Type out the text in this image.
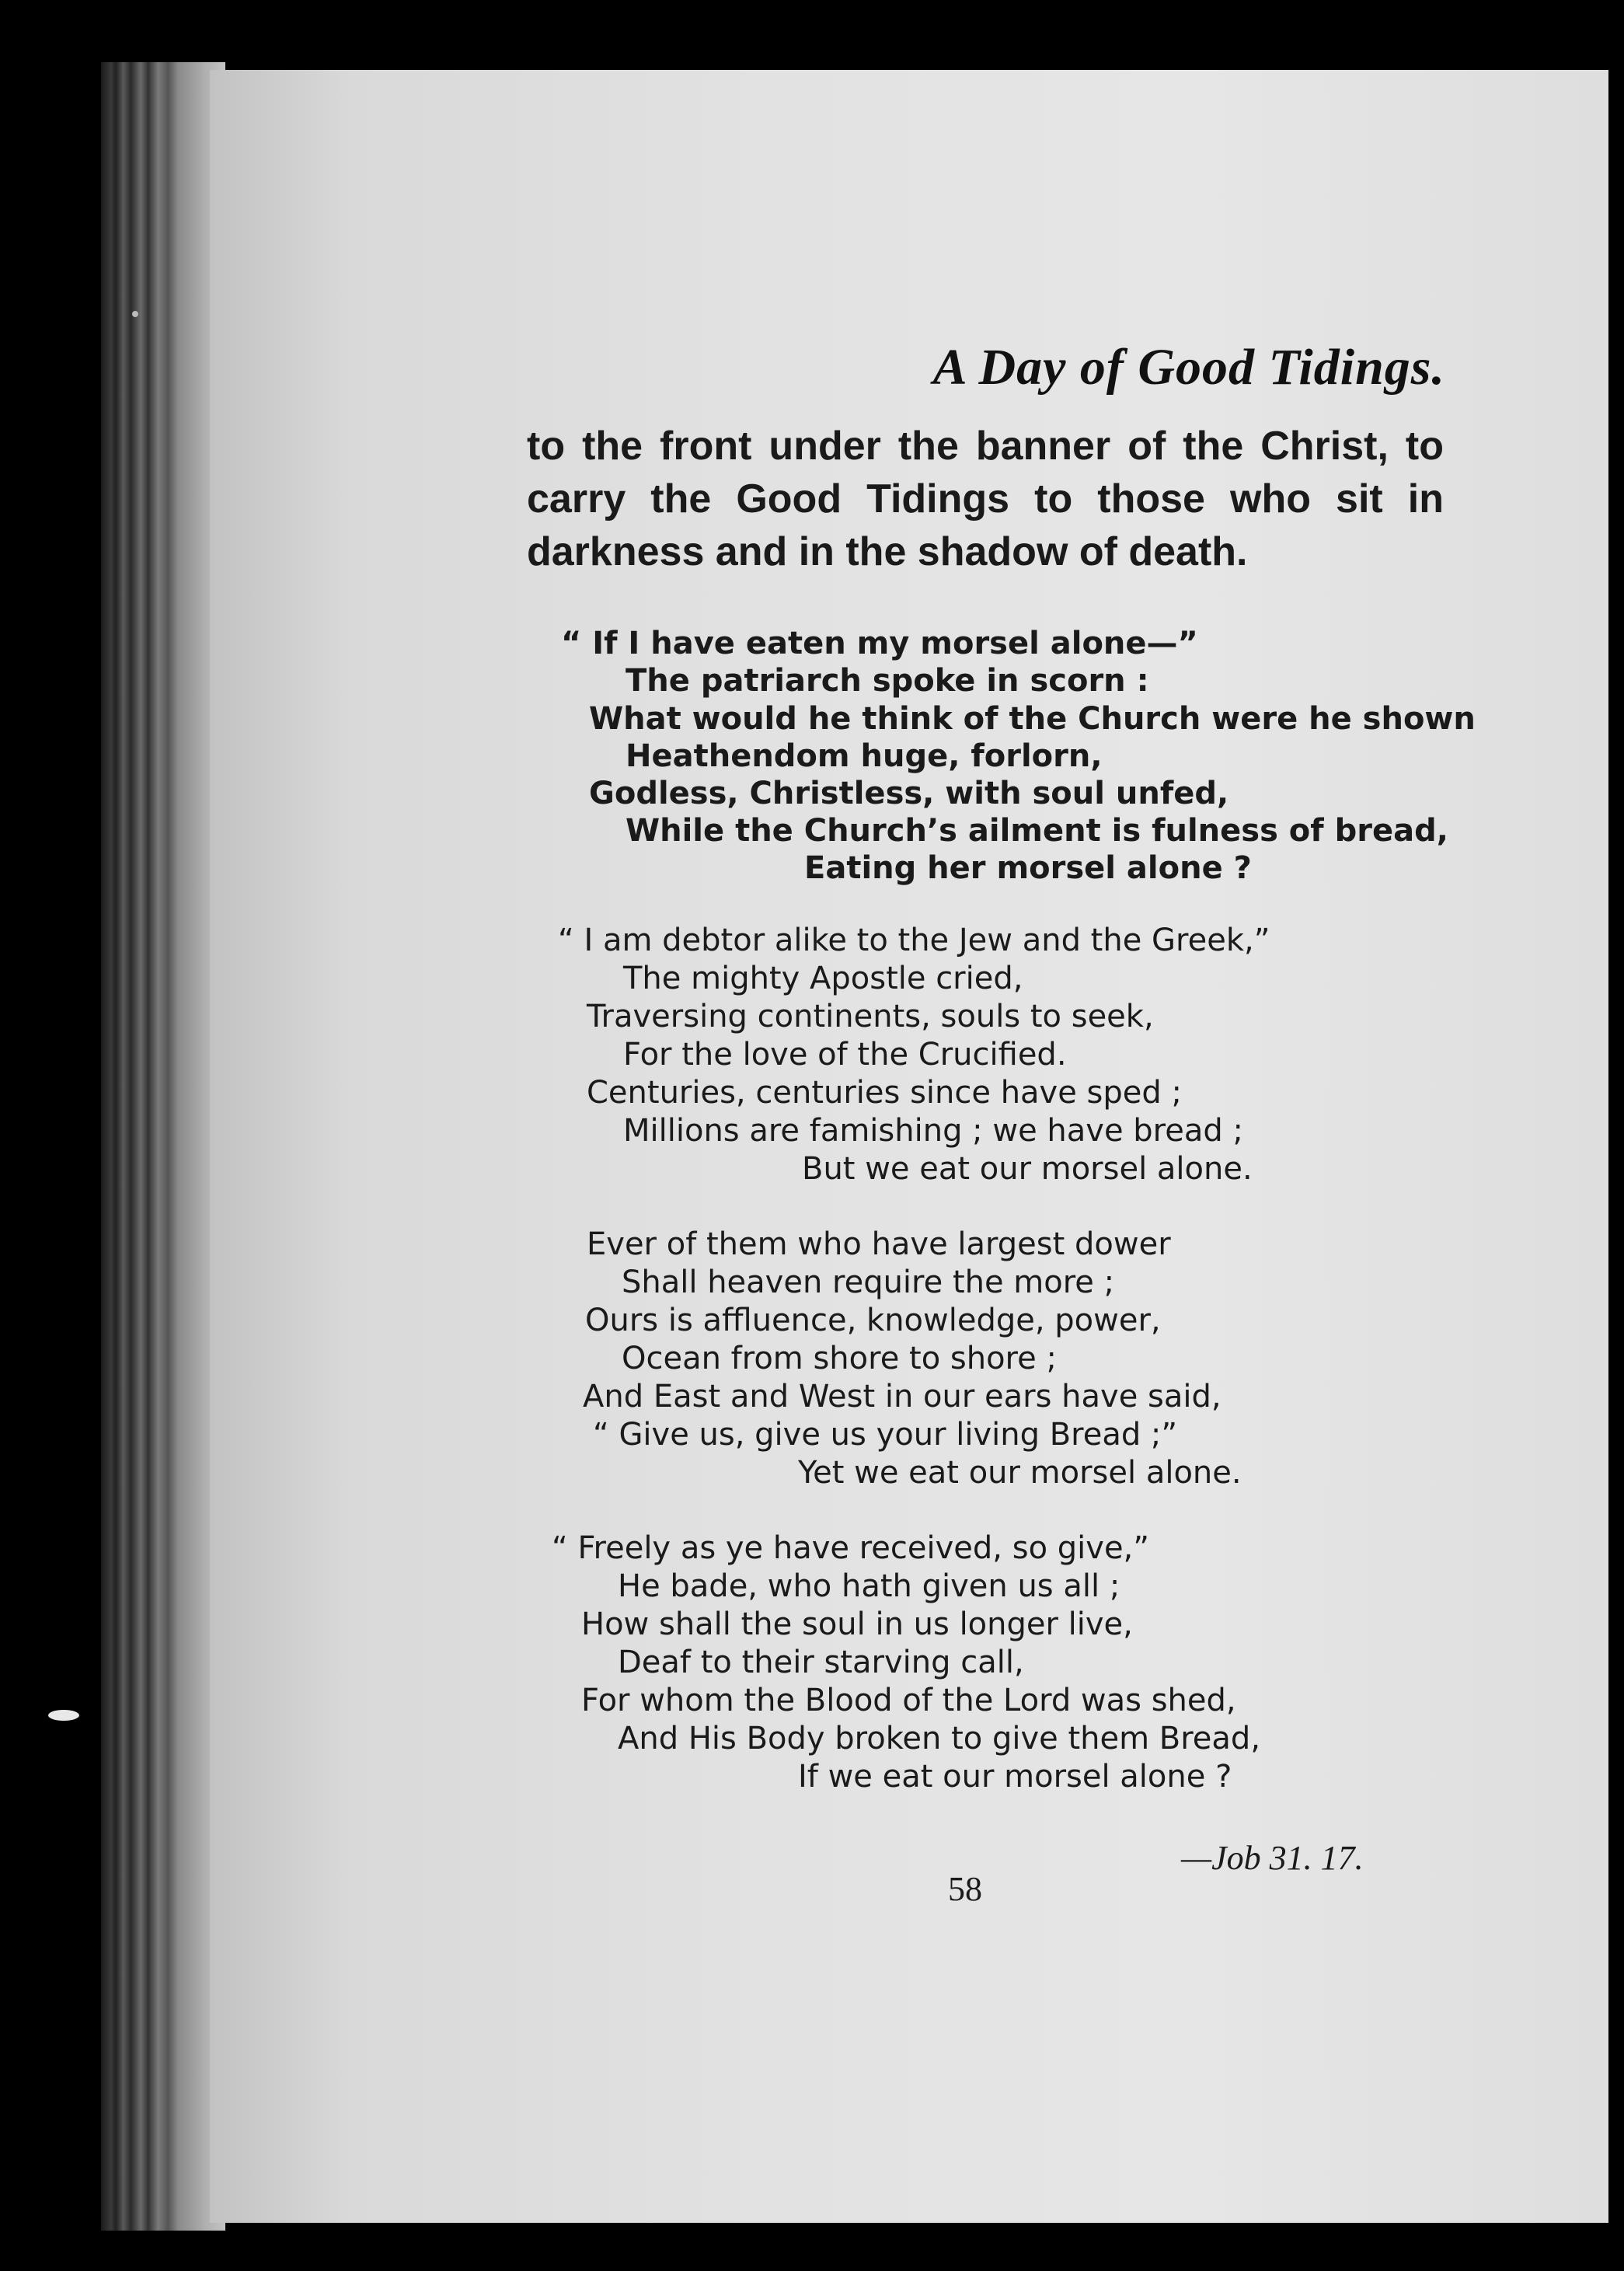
A Day of Good Tidings.
to the front under the banner of the Christ, to
carry the Good Tidings to those who sit in
darkness and in the shadow of death.
“ If I have eaten my morsel alone—”
The patriarch spoke in scorn :
What would he think of the Church were he shown
Heathendom huge, forlorn,
Godless, Christless, with soul unfed,
While the Church’s ailment is fulness of bread,
Eating her morsel alone ?
“ I am debtor alike to the Jew and the Greek,”
The mighty Apostle cried,
Traversing continents, souls to seek,
For the love of the Crucified.
Centuries, centuries since have sped ;
Millions are famishing ; we have bread ;
But we eat our morsel alone.
Ever of them who have largest dower
Shall heaven require the more ;
Ours is affluence, knowledge, power,
Ocean from shore to shore ;
And East and West in our ears have said,
“ Give us, give us your living Bread ;”
Yet we eat our morsel alone.
“ Freely as ye have received, so give,”
He bade, who hath given us all ;
How shall the soul in us longer live,
Deaf to their starving call,
For whom the Blood of the Lord was shed,
And His Body broken to give them Bread,
If we eat our morsel alone ?
—Job 31. 17.
58
